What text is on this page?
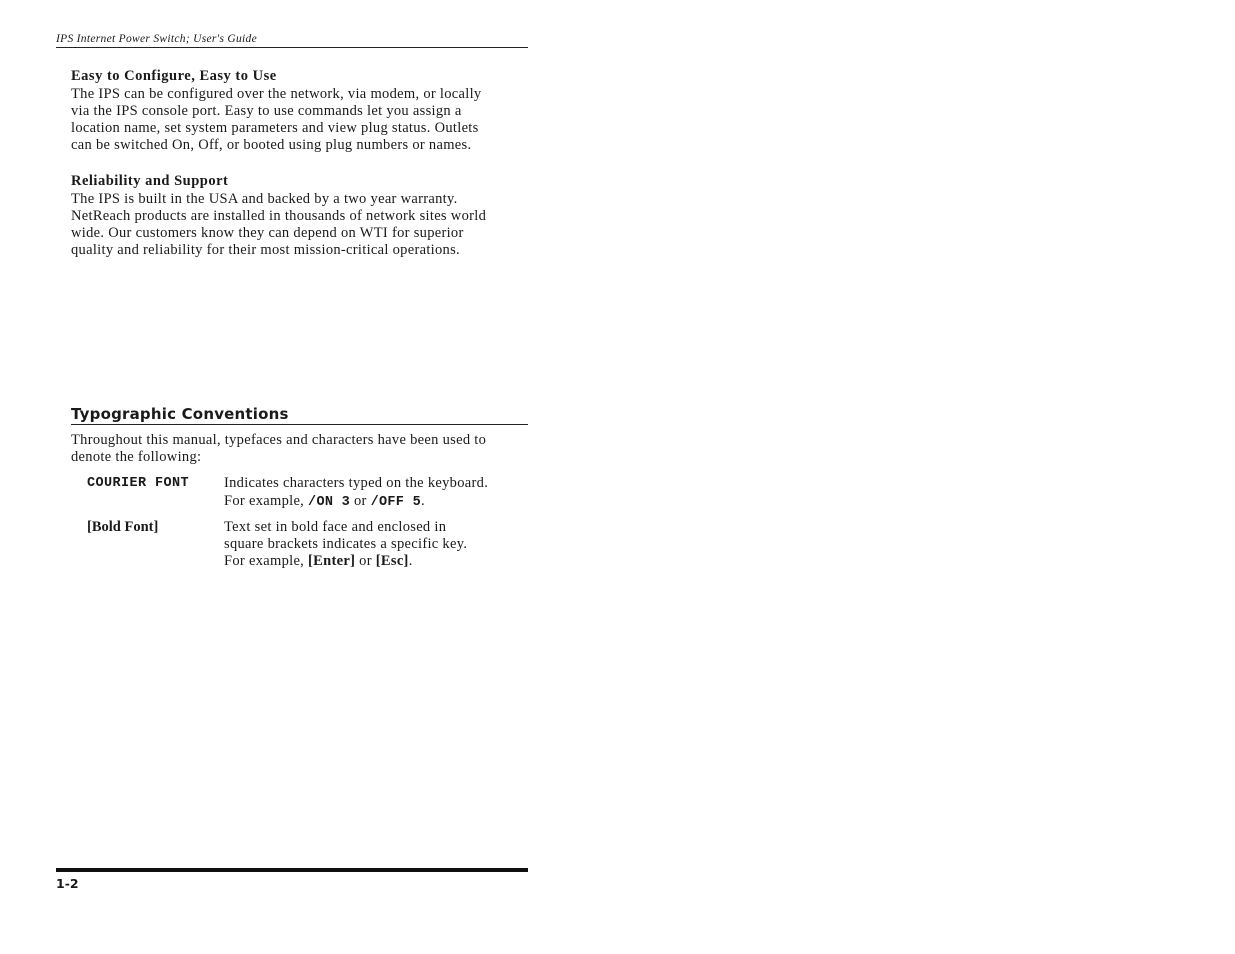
IPS Internet Power Switch; User's Guide

Easy to Configure, Easy to Use

The IPS can be configured over the network, via modem, or locally
via the IPS console port. Easy to use commands let you assign a
location name, set system parameters and view plug status. Outlets
can be switched On, Off, or booted using plug numbers or names.

Reliability and Support

The IPS is built in the USA and backed by a two year warranty.
NetReach products are installed in thousands of network sites world
wide. Our customers know they can depend on WTI for superior
quality and reliability for their most mission-critical operations.

Typographic Conventions

Throughout this manual, typefaces and characters have been used to
denote the following:

COURIER FONT	Indicates characters typed on the keyboard.
For example, /ON 3 or /OFF 5.
[Bold Font]	Text set in bold face and enclosed in
square brackets indicates a specific key.
For example, [Enter] or [Esc].
1-2
